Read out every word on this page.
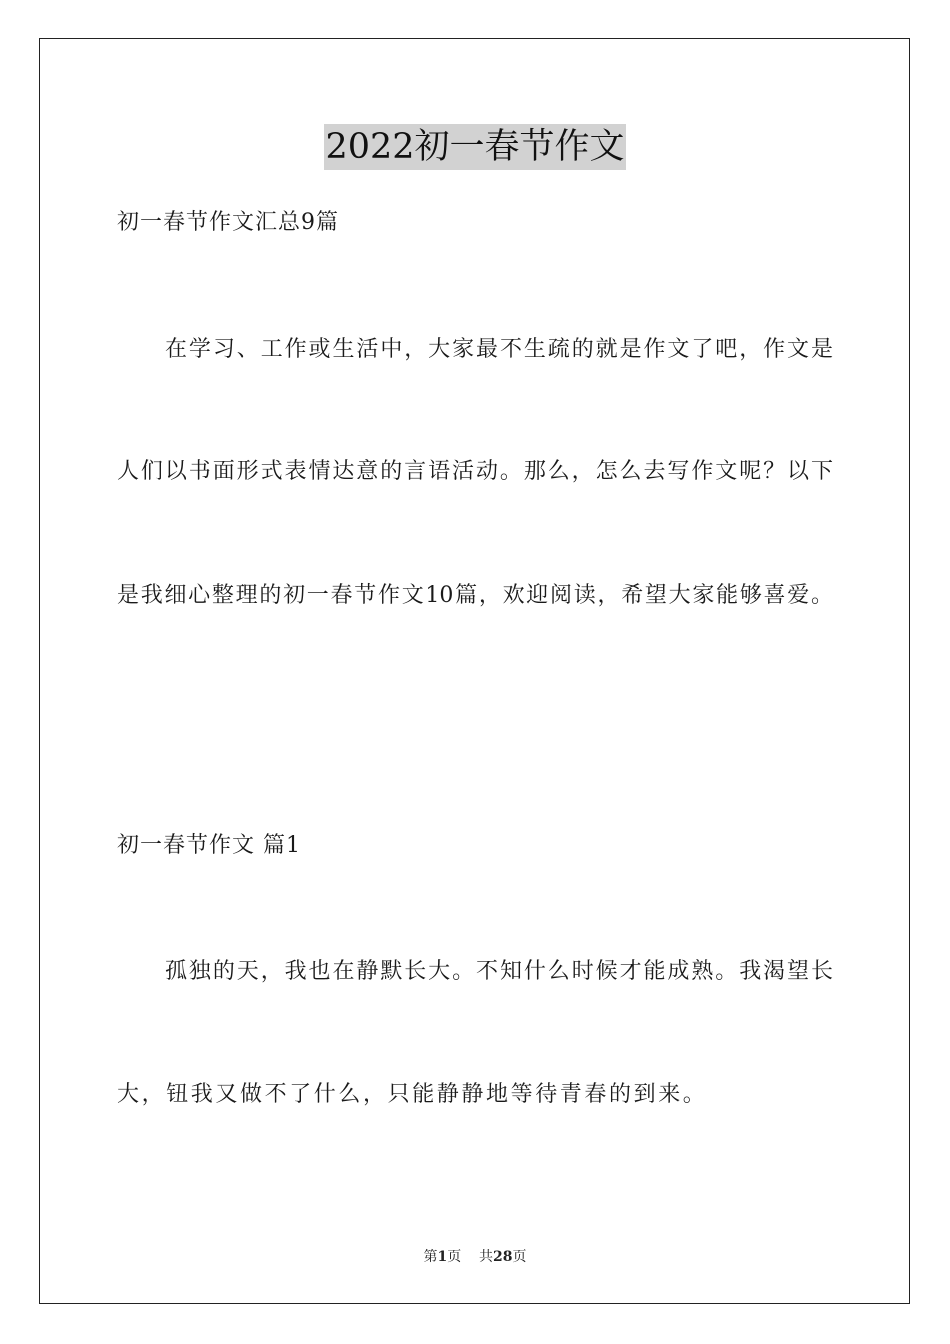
2022初一春节作文
初一春节作文汇总9篇
在学习、工作或生活中，大家最不生疏的就是作文了吧，作文是
人们以书面形式表情达意的言语活动。那么，怎么去写作文呢？以下
是我细心整理的初一春节作文10篇，欢迎阅读，希望大家能够喜爱。
初一春节作文 篇1
孤独的天，我也在静默长大。不知什么时候才能成熟。我渴望长
大，钮我又做不了什么，只能静静地等待青春的到来。
第1页 共28页
